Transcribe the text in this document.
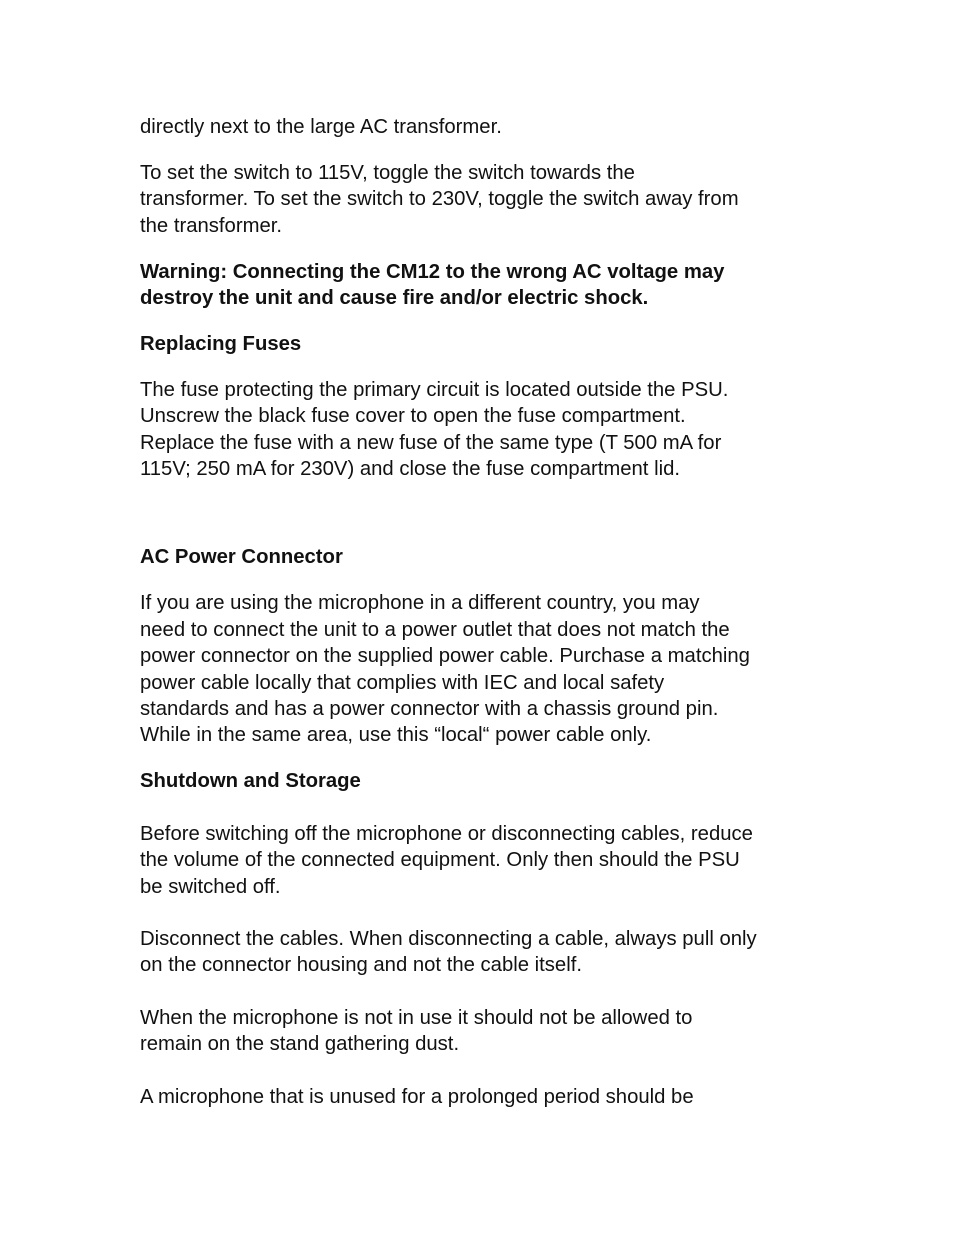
directly next to the large AC transformer.

To set the switch to 115V, toggle the switch towards the
transformer. To set the switch to 230V, toggle the switch away from
the transformer.

Warning: Connecting the CM12 to the wrong AC voltage may
destroy the unit and cause fire and/or electric shock.

Replacing Fuses

The fuse protecting the primary circuit is located outside the PSU.
Unscrew the black fuse cover to open the fuse compartment.
Replace the fuse with a new fuse of the same type (T 500 mA for
115V; 250 mA for 230V) and close the fuse compartment lid.

AC Power Connector

If you are using the microphone in a different country, you may
need to connect the unit to a power outlet that does not match the
power connector on the supplied power cable. Purchase a matching
power cable locally that complies with IEC and local safety
standards and has a power connector with a chassis ground pin.
While in the same area, use this “local“ power cable only.

Shutdown and Storage

Before switching off the microphone or disconnecting cables, reduce
the volume of the connected equipment. Only then should the PSU
be switched off.

Disconnect the cables. When disconnecting a cable, always pull only
on the connector housing and not the cable itself.

When the microphone is not in use it should not be allowed to
remain on the stand gathering dust.

A microphone that is unused for a prolonged period should be
